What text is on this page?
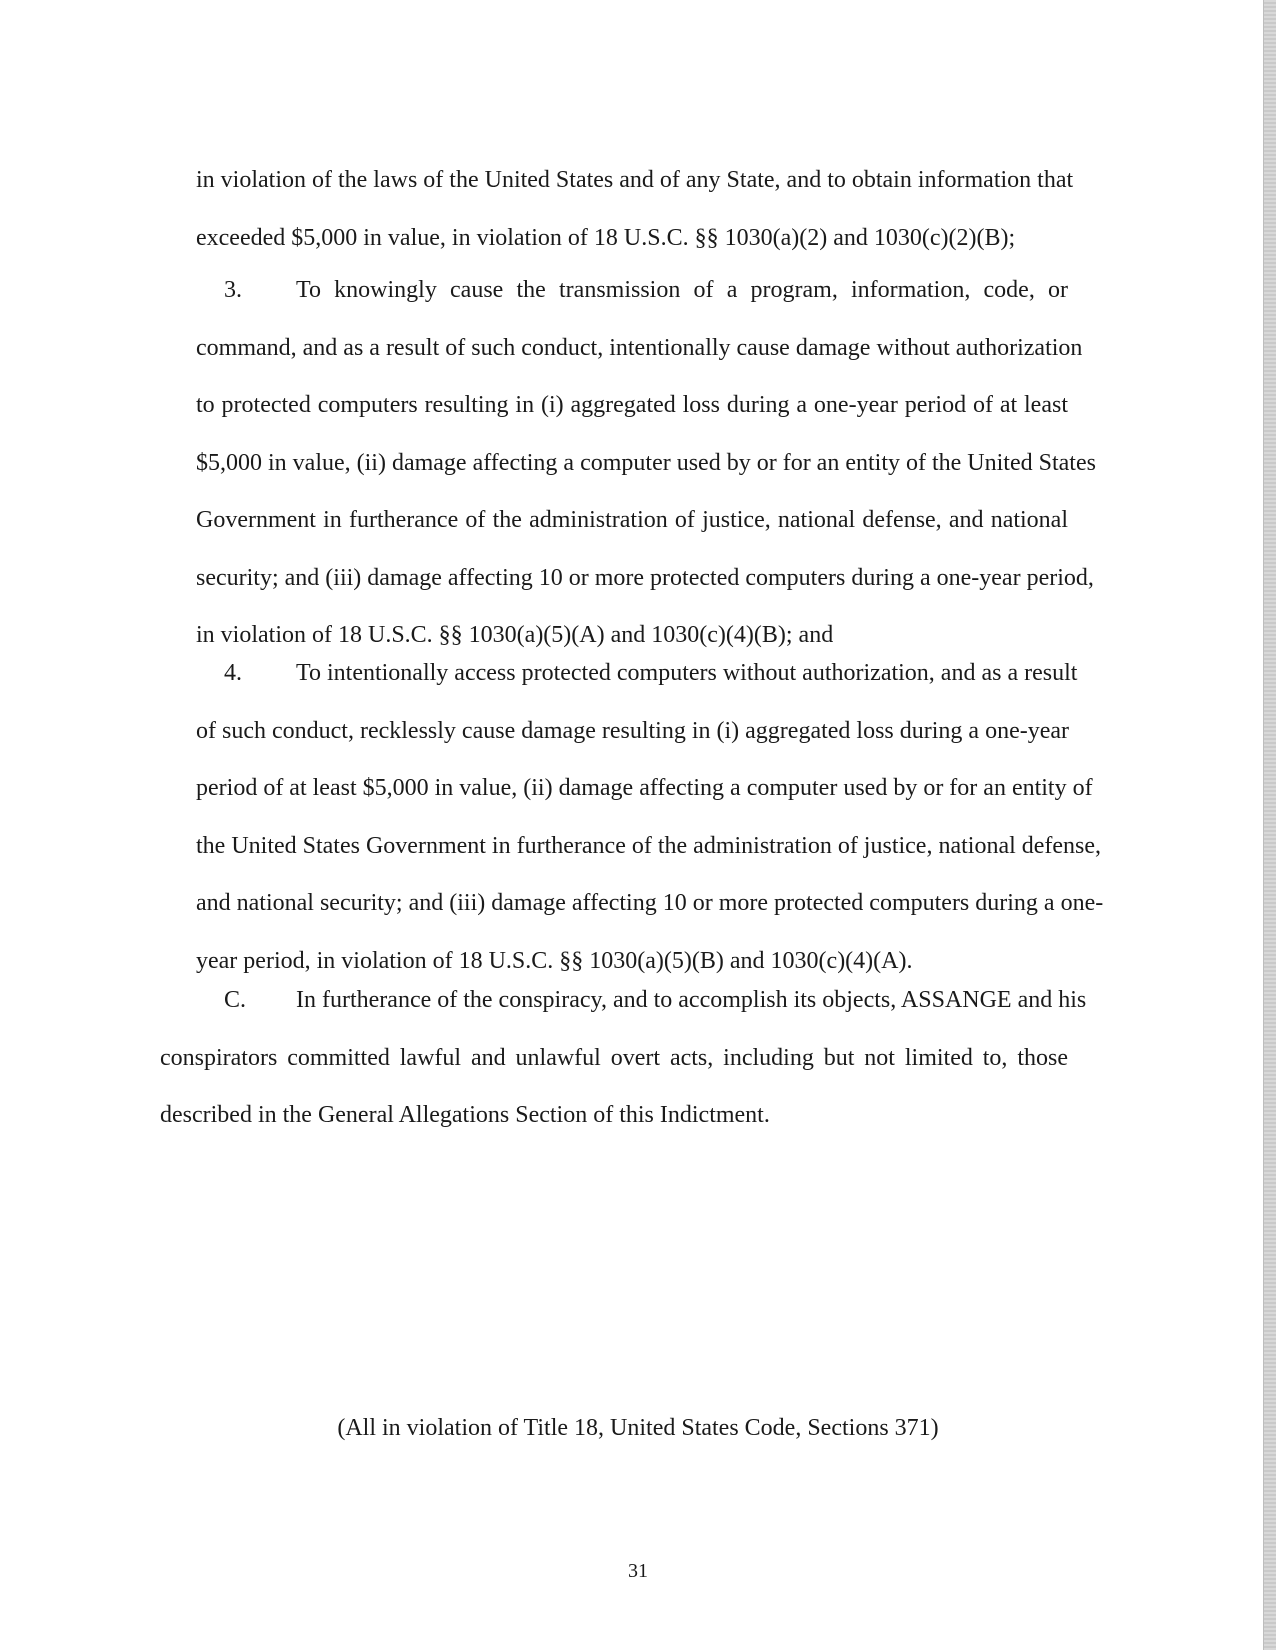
in violation of the laws of the United States and of any State, and to obtain information that
exceeded $5,000 in value, in violation of 18 U.S.C. §§ 1030(a)(2) and 1030(c)(2)(B);
3.	To knowingly cause the transmission of a program, information, code, or
command, and as a result of such conduct, intentionally cause damage without authorization
to protected computers resulting in (i) aggregated loss during a one-year period of at least
$5,000 in value, (ii) damage affecting a computer used by or for an entity of the United States
Government in furtherance of the administration of justice, national defense, and national
security; and (iii) damage affecting 10 or more protected computers during a one-year period,
in violation of 18 U.S.C. §§ 1030(a)(5)(A) and 1030(c)(4)(B); and
4.	To intentionally access protected computers without authorization, and as a result
of such conduct, recklessly cause damage resulting in (i) aggregated loss during a one-year
period of at least $5,000 in value, (ii) damage affecting a computer used by or for an entity of
the United States Government in furtherance of the administration of justice, national defense,
and national security; and (iii) damage affecting 10 or more protected computers during a one-
year period, in violation of 18 U.S.C. §§ 1030(a)(5)(B) and 1030(c)(4)(A).
C.	In furtherance of the conspiracy, and to accomplish its objects, ASSANGE and his
conspirators committed lawful and unlawful overt acts, including but not limited to, those
described in the General Allegations Section of this Indictment.
(All in violation of Title 18, United States Code, Sections 371)
31
